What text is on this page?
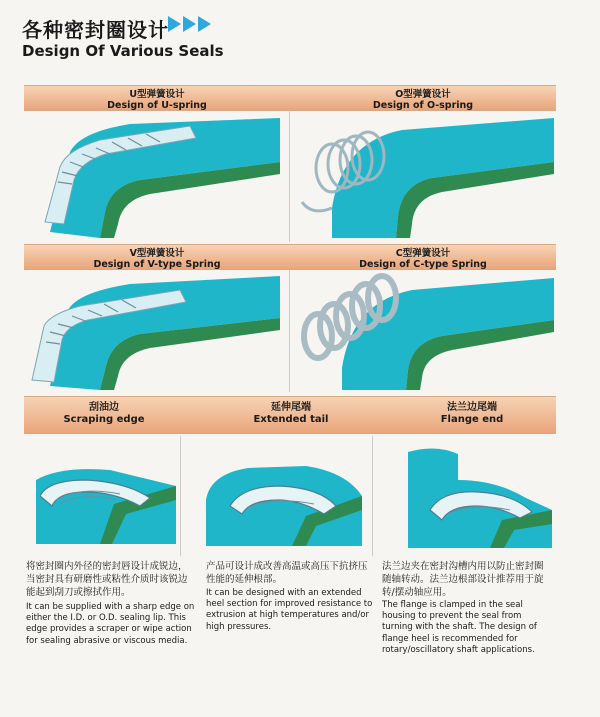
各种密封圈设计
Design Of Various Seals
U型弹簧设计
Design of U-spring
O型弹簧设计
Design of O-spring
V型弹簧设计
Design of V-type Spring
C型弹簧设计
Design of C-type Spring
刮油边
Scraping edge
延伸尾端
Extended tail
法兰边尾端
Flange end
将密封圈内外径的密封唇设计成锐边，
当密封具有研磨性或粘性介质时该锐边
能起到刮刀或擦拭作用。
It can be supplied with a sharp edge on
either the I.D. or O.D. sealing lip. This
edge provides a scraper or wipe action
for sealing abrasive or viscous media.
产品可设计成改善高温或高压下抗挤压
性能的延伸根部。
It can be designed with an extended
heel section for improved resistance to
extrusion at high temperatures and/or
high pressures.
法兰边夹在密封沟槽内用以防止密封圈
随轴转动。法兰边根部设计推荐用于旋
转/摆动轴应用。
The flange is clamped in the seal
housing to prevent the seal from
turning with the shaft. The design of
flange heel is recommended for
rotary/oscillatory shaft applications.
